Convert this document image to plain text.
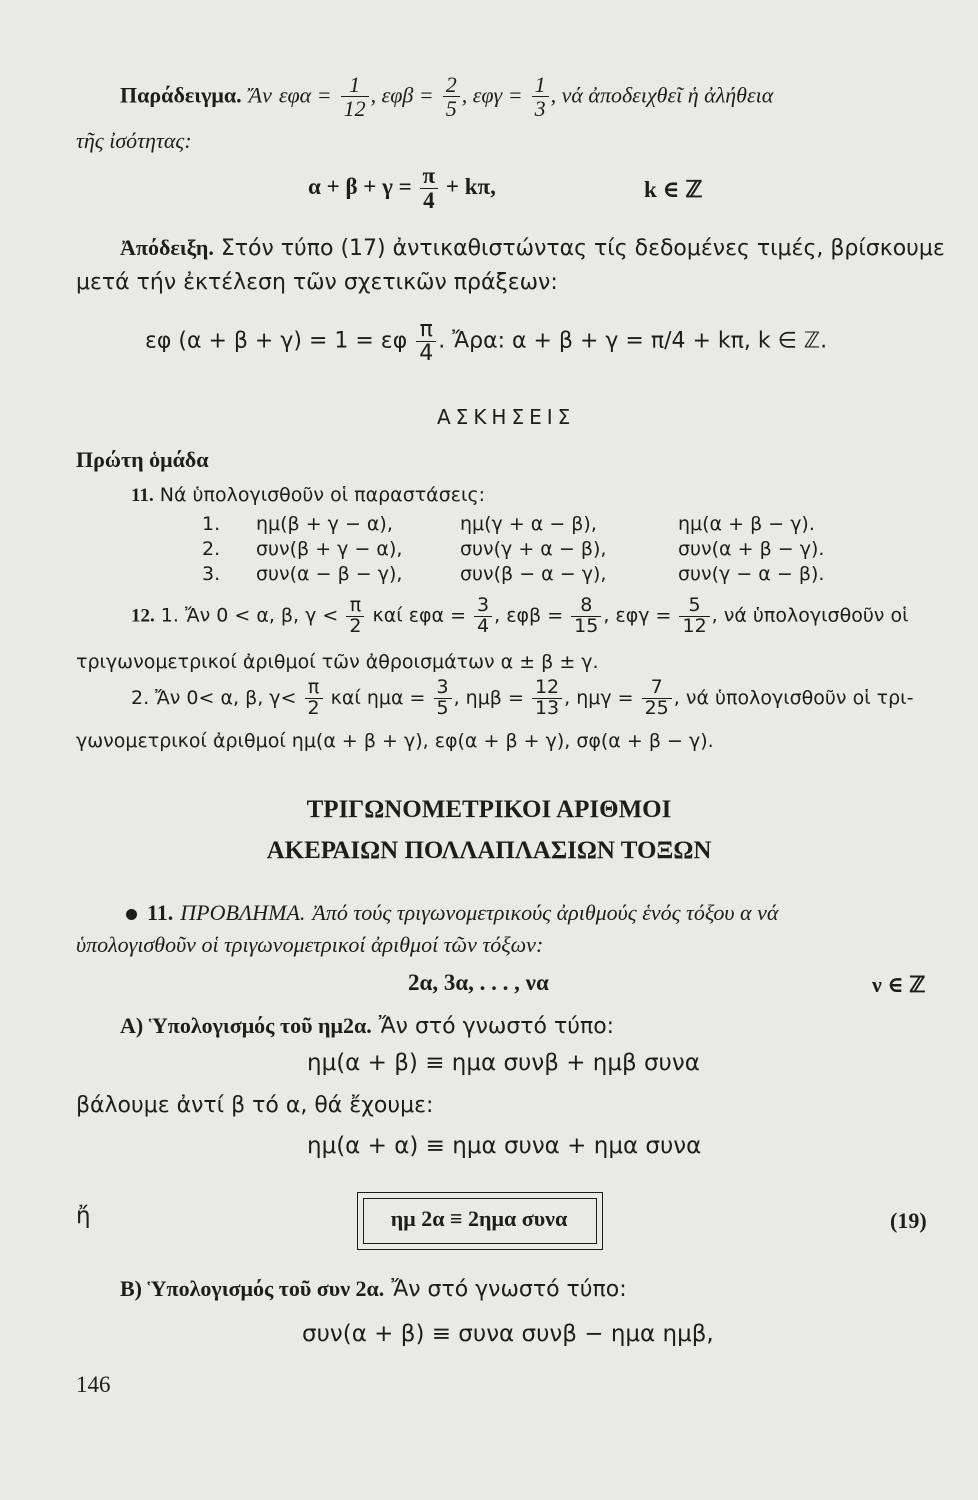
Παράδειγμα. Ἄν $\varepsilon\varphi\alpha = \frac{1}{12}$ , $\varepsilon\varphi\beta = \frac{2}{5}$ , $\varepsilon\varphi\gamma = \frac{1}{3}$ , νά ἀποδειχθεῖ ἡ ἀλήθεια
τῆς ἰσότητας:
$\alpha + \beta + \gamma = \frac{\pi}{4} + k\pi$,	k ∈ ℤ
Ἀπόδειξη. Στόν τύπο (17) ἀντικαθιστώντας τίς δεδομένες τιμές, βρίσκουμε
μετά τήν ἐκτέλεση τῶν σχετικῶν πράξεων:
εφ (α + β + γ) = 1 = εφ $\frac{\pi}{4}$ . Ἄρα: α + β + γ = π/4 + kπ, k ∈ ℤ.
ΑΣΚΗΣΕΙΣ
Πρώτη ὁμάδα
11. Νά ὑπολογισθοῦν οἱ παραστάσεις:
1. ημ(β + γ − α),	ημ(γ + α − β),	ημ(α + β − γ).
2. συν(β + γ − α),	συν(γ + α − β),	συν(α + β − γ).
3. συν(α − β − γ),	συν(β − α − γ),	συν(γ − α − β).
12. 1. Ἄν 0 < α, β, $\gamma < \frac{\pi}{2}$ καί $\varepsilon\varphi\alpha = \frac{3}{4}$ , $\varepsilon\varphi\beta = \frac{8}{15}$ , $\varepsilon\varphi\gamma = \frac{5}{12}$ , νά ὑπολογισθοῦν οἱ
τριγωνομετρικοί ἀριθμοί τῶν ἀθροισμάτων α ± β ± γ.
2. Ἄν 0< α, β, $\gamma< \frac{\pi}{2}$ καί $\eta\mu\alpha = \frac{3}{5}$ , $\eta\mu\beta = \frac{12}{13}$ , $\eta\mu\gamma = \frac{7}{25}$ , νά ὑπολογισθοῦν οἱ τρι-
γωνομετρικοί ἀριθμοί ημ(α + β + γ), εφ(α + β + γ), σφ(α + β − γ).
ΤΡΙΓΩΝΟΜΕΤΡΙΚΟΙ ΑΡΙΘΜΟΙ
ΑΚΕΡΑΙΩΝ ΠΟΛΛΑΠΛΑΣΙΩΝ ΤΟΞΩΝ
11. ΠΡΟΒΛΗΜΑ. Ἀπό τούς τριγωνομετρικούς ἀριθμούς ἑνός τόξου α νά
ὑπολογισθοῦν οἱ τριγωνομετρικοί ἀριθμοί τῶν τόξων:
2α, 3α, . . . , να	ν ∈ ℤ
Α) Ὑπολογισμός τοῦ ημ2α. Ἄν στό γνωστό τύπο:
ημ(α + β) ≡ ημα συνβ + ημβ συνα
βάλουμε ἀντί β τό α, θά ἔχουμε:
ημ(α + α) ≡ ημα συνα + ημα συνα
ἤ	ημ 2α ≡ 2ημα συνα	(19)
Β) Ὑπολογισμός τοῦ συν 2α. Ἄν στό γνωστό τύπο:
συν(α + β) ≡ συνα συνβ − ημα ημβ,
146
